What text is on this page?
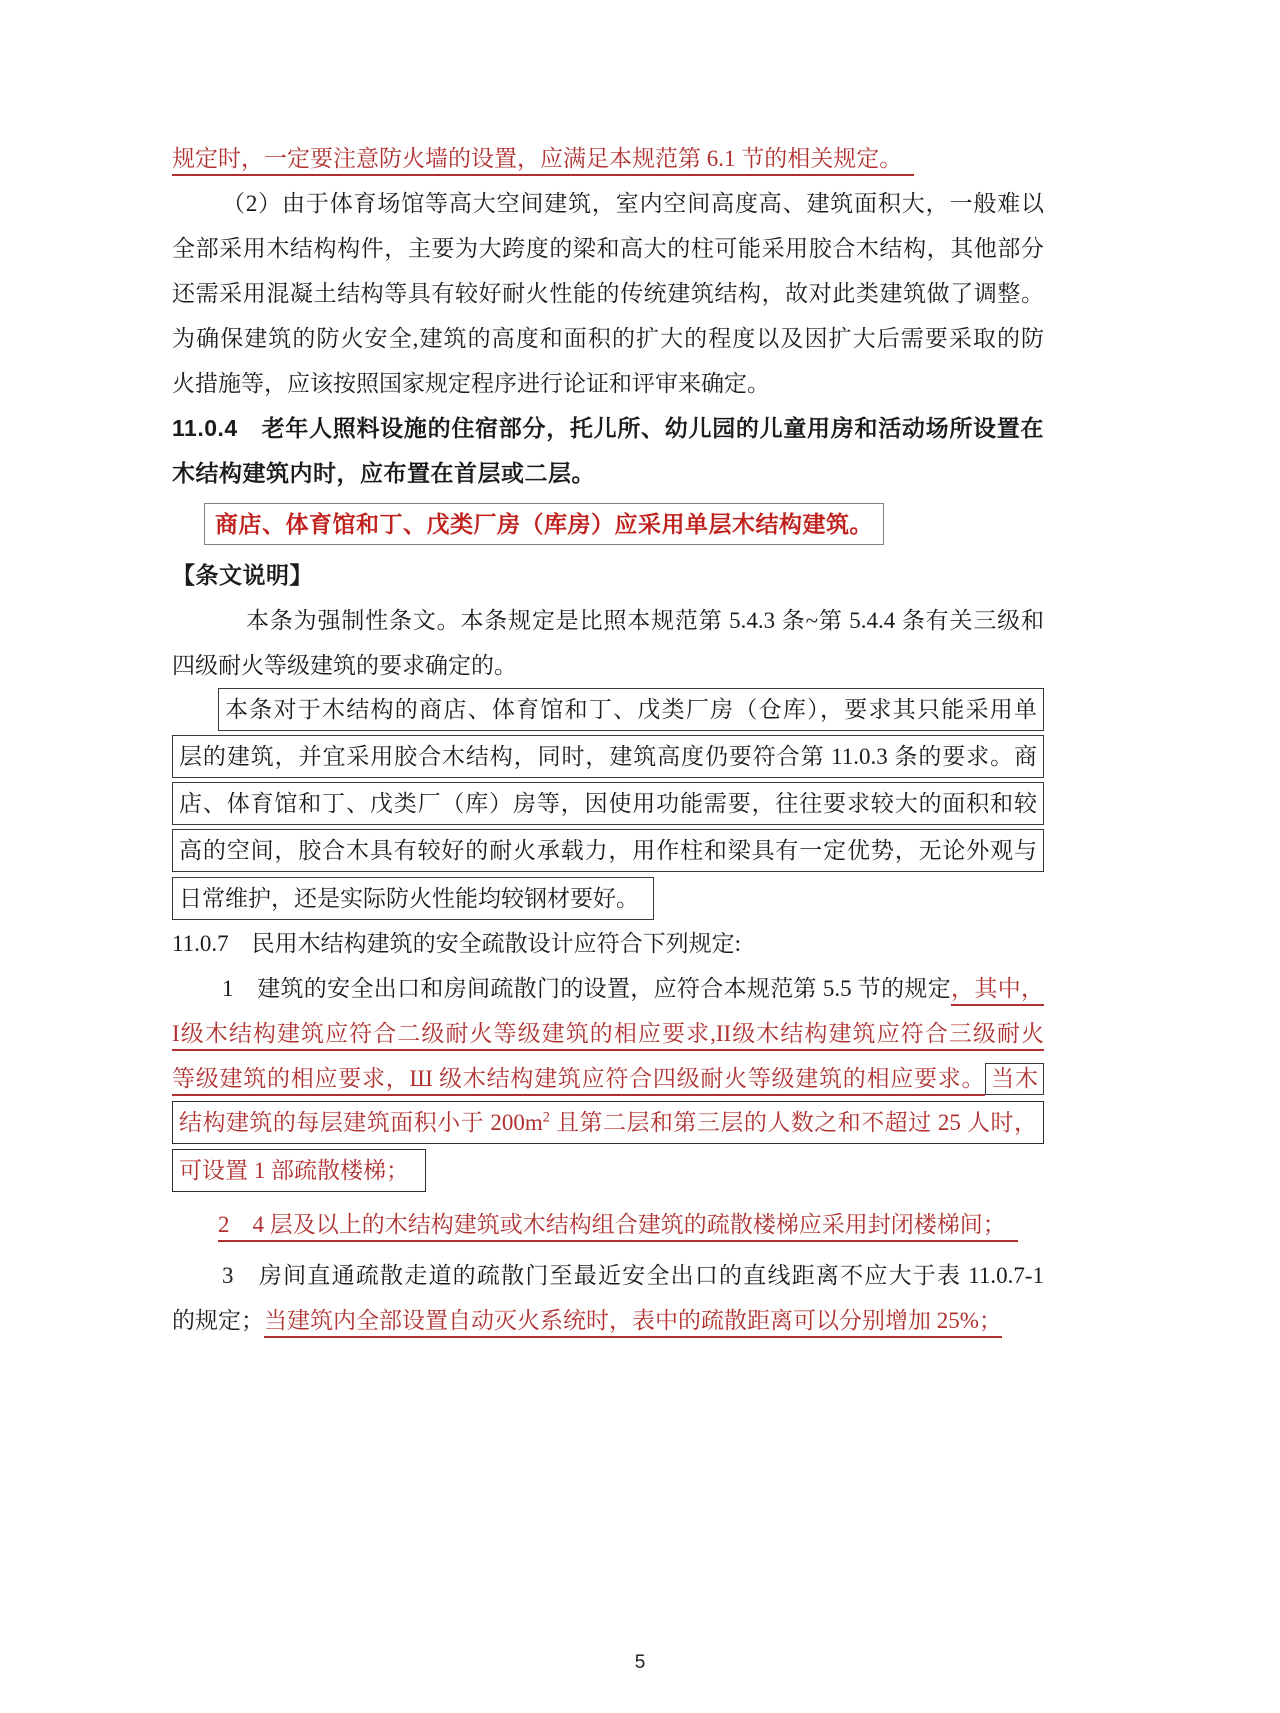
规定时，一定要注意防火墙的设置，应满足本规范第 6.1 节的相关规定。
（2）由于体育场馆等高大空间建筑，室内空间高度高、建筑面积大，一般难以
全部采用木结构构件，主要为大跨度的梁和高大的柱可能采用胶合木结构，其他部分
还需采用混凝土结构等具有较好耐火性能的传统建筑结构，故对此类建筑做了调整。
为确保建筑的防火安全,建筑的高度和面积的扩大的程度以及因扩大后需要采取的防
火措施等，应该按照国家规定程序进行论证和评审来确定。
11.0.4　老年人照料设施的住宿部分，托儿所、幼儿园的儿童用房和活动场所设置在
木结构建筑内时，应布置在首层或二层。
商店、体育馆和丁、戊类厂房（库房）应采用单层木结构建筑。
【条文说明】
本条为强制性条文。本条规定是比照本规范第 5.4.3 条~第 5.4.4 条有关三级和
四级耐火等级建筑的要求确定的。
本条对于木结构的商店、体育馆和丁、戊类厂房（仓库），要求其只能采用单
层的建筑，并宜采用胶合木结构，同时，建筑高度仍要符合第 11.0.3 条的要求。商
店、体育馆和丁、戊类厂（库）房等，因使用功能需要，往往要求较大的面积和较
高的空间，胶合木具有较好的耐火承载力，用作柱和梁具有一定优势，无论外观与
日常维护，还是实际防火性能均较钢材要好。
11.0.7　民用木结构建筑的安全疏散设计应符合下列规定:
1　建筑的安全出口和房间疏散门的设置，应符合本规范第 5.5 节的规定，其中，
I级木结构建筑应符合二级耐火等级建筑的相应要求,II级木结构建筑应符合三级耐火
等级建筑的相应要求，Ш 级木结构建筑应符合四级耐火等级建筑的相应要求。 当木
结构建筑的每层建筑面积小于 $200m^2$ 且第二层和第三层的人数之和不超过 25 人时，
可设置 1 部疏散楼梯；
2　4 层及以上的木结构建筑或木结构组合建筑的疏散楼梯应采用封闭楼梯间；
3　房间直通疏散走道的疏散门至最近安全出口的直线距离不应大于表 11.0.7-1
的规定；当建筑内全部设置自动灭火系统时，表中的疏散距离可以分别增加 25%；
5
